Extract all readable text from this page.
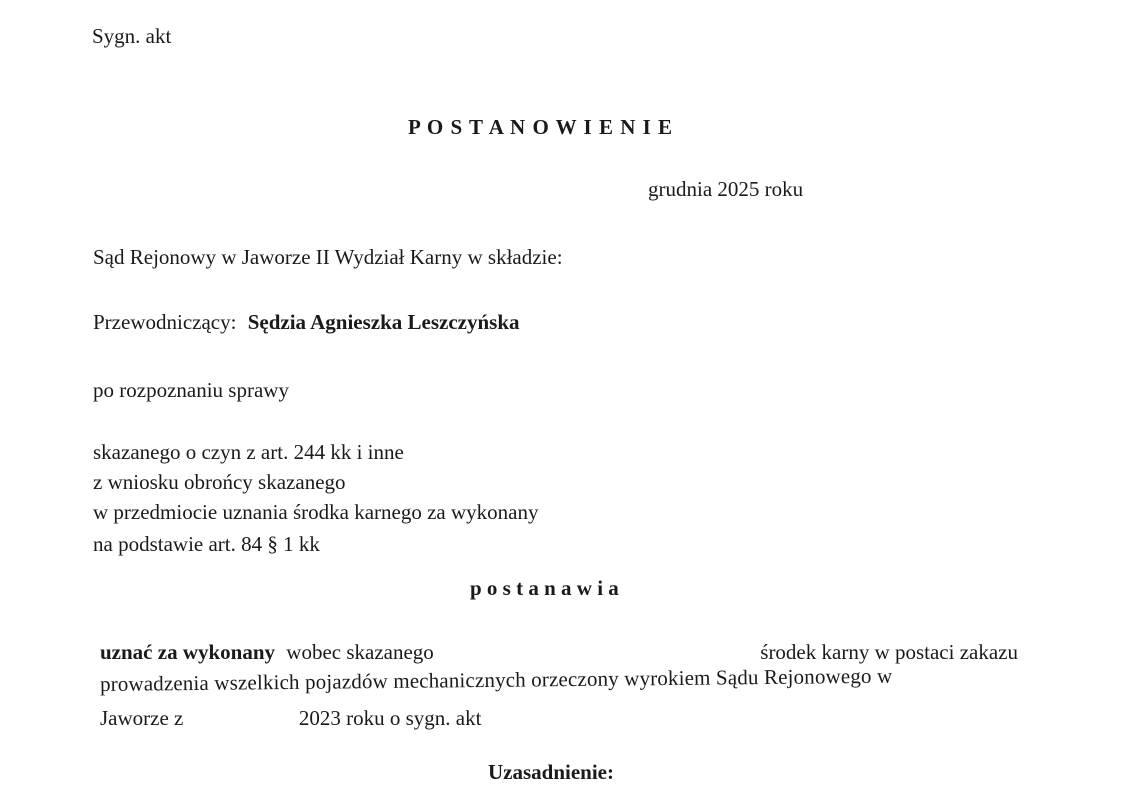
Sygn. akt
P O S T A N O W I E N I E
grudnia 2025 roku
Sąd Rejonowy w Jaworze II Wydział Karny w składzie:
Przewodniczący: Sędzia Agnieszka Leszczyńska
po rozpoznaniu sprawy
skazanego o czyn z art. 244 kk i inne
z wniosku obrońcy skazanego
w przedmiocie uznania środka karnego za wykonany
na podstawie art. 84 § 1 kk
p o s t a n a w i a
uznać za wykonany wobec skazanego	środek karny w postaci zakazu
prowadzenia wszelkich pojazdów mechanicznych orzeczony wyrokiem Sądu Rejonowego w
Jaworze z	2023 roku o sygn. akt
Uzasadnienie:
